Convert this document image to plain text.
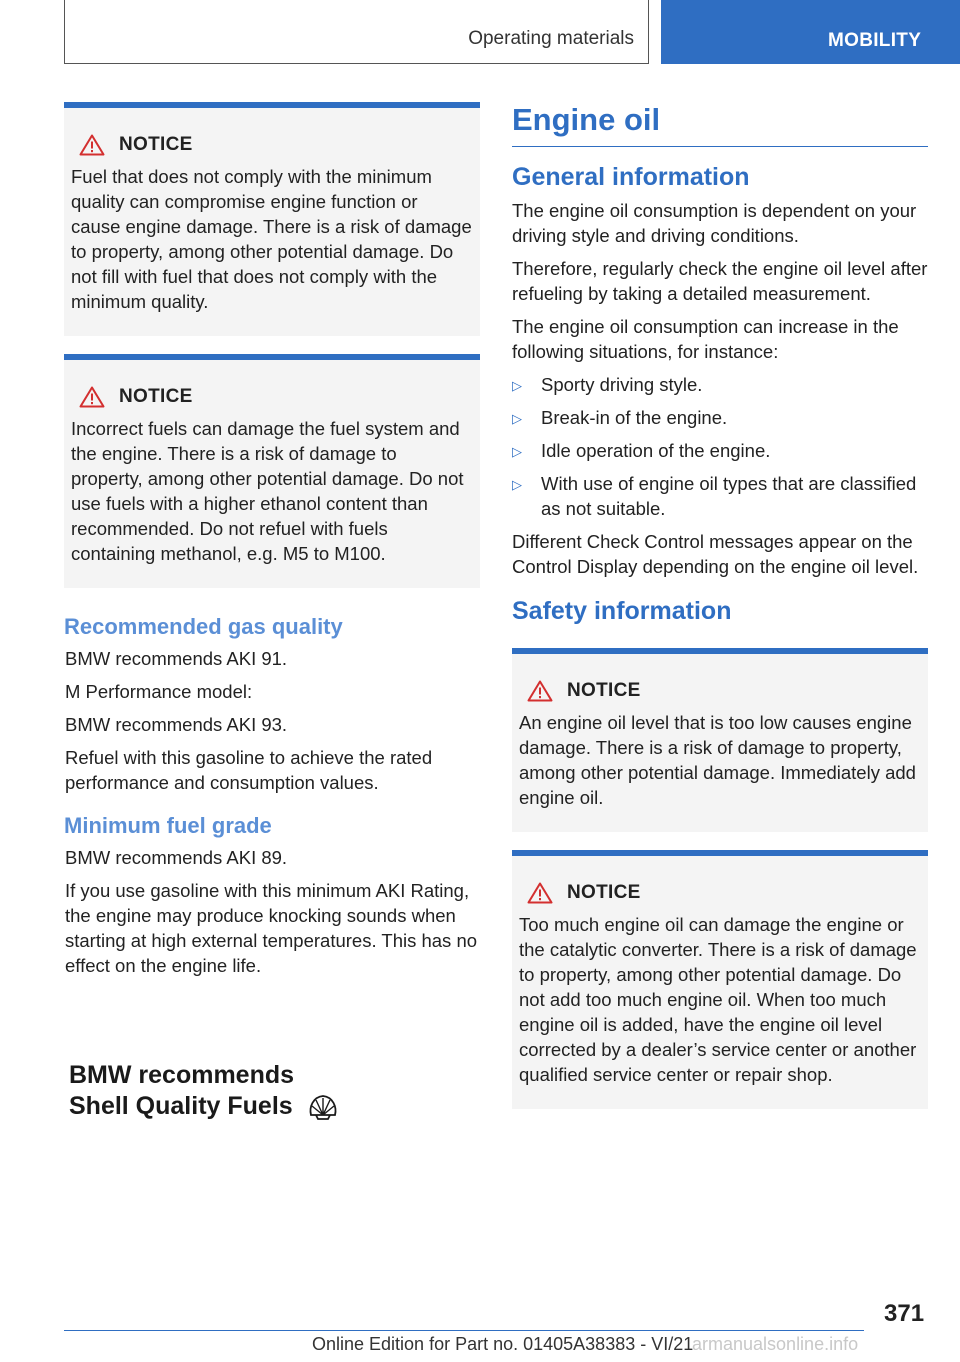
Operating materials	MOBILITY
NOTICE

Fuel that does not comply with the minimum quality can compromise engine function or cause engine damage. There is a risk of damage to property, among other potential damage. Do not fill with fuel that does not comply with the minimum quality.

NOTICE

Incorrect fuels can damage the fuel system and the engine. There is a risk of damage to property, among other potential damage. Do not use fuels with a higher ethanol content than recommended. Do not refuel with fuels containing methanol, e.g. M5 to M100.

Recommended gas quality

BMW recommends AKI 91.

M Performance model:

BMW recommends AKI 93.

Refuel with this gasoline to achieve the rated performance and consumption values.

Minimum fuel grade

BMW recommends AKI 89.

If you use gasoline with this minimum AKI Rating, the engine may produce knocking sounds when starting at high external temperatures. This has no effect on the engine life.

BMW recommends
Shell Quality Fuels
Engine oil
General information

The engine oil consumption is dependent on your driving style and driving conditions.

Therefore, regularly check the engine oil level after refueling by taking a detailed measurement.

The engine oil consumption can increase in the following situations, for instance:

▷	Sporty driving style.
▷	Break-in of the engine.
▷	Idle operation of the engine.
▷	With use of engine oil types that are classified as not suitable.

Different Check Control messages appear on the Control Display depending on the engine oil level.

Safety information
NOTICE

An engine oil level that is too low causes engine damage. There is a risk of damage to property, among other potential damage. Immediately add engine oil.

NOTICE

Too much engine oil can damage the engine or the catalytic converter. There is a risk of damage to property, among other potential damage. Do not add too much engine oil. When too much engine oil is added, have the engine oil level corrected by a dealer’s service center or another qualified service center or repair shop.

371
Online Edition for Part no. 01405A38383 - VI/21
armanualsonline.info
